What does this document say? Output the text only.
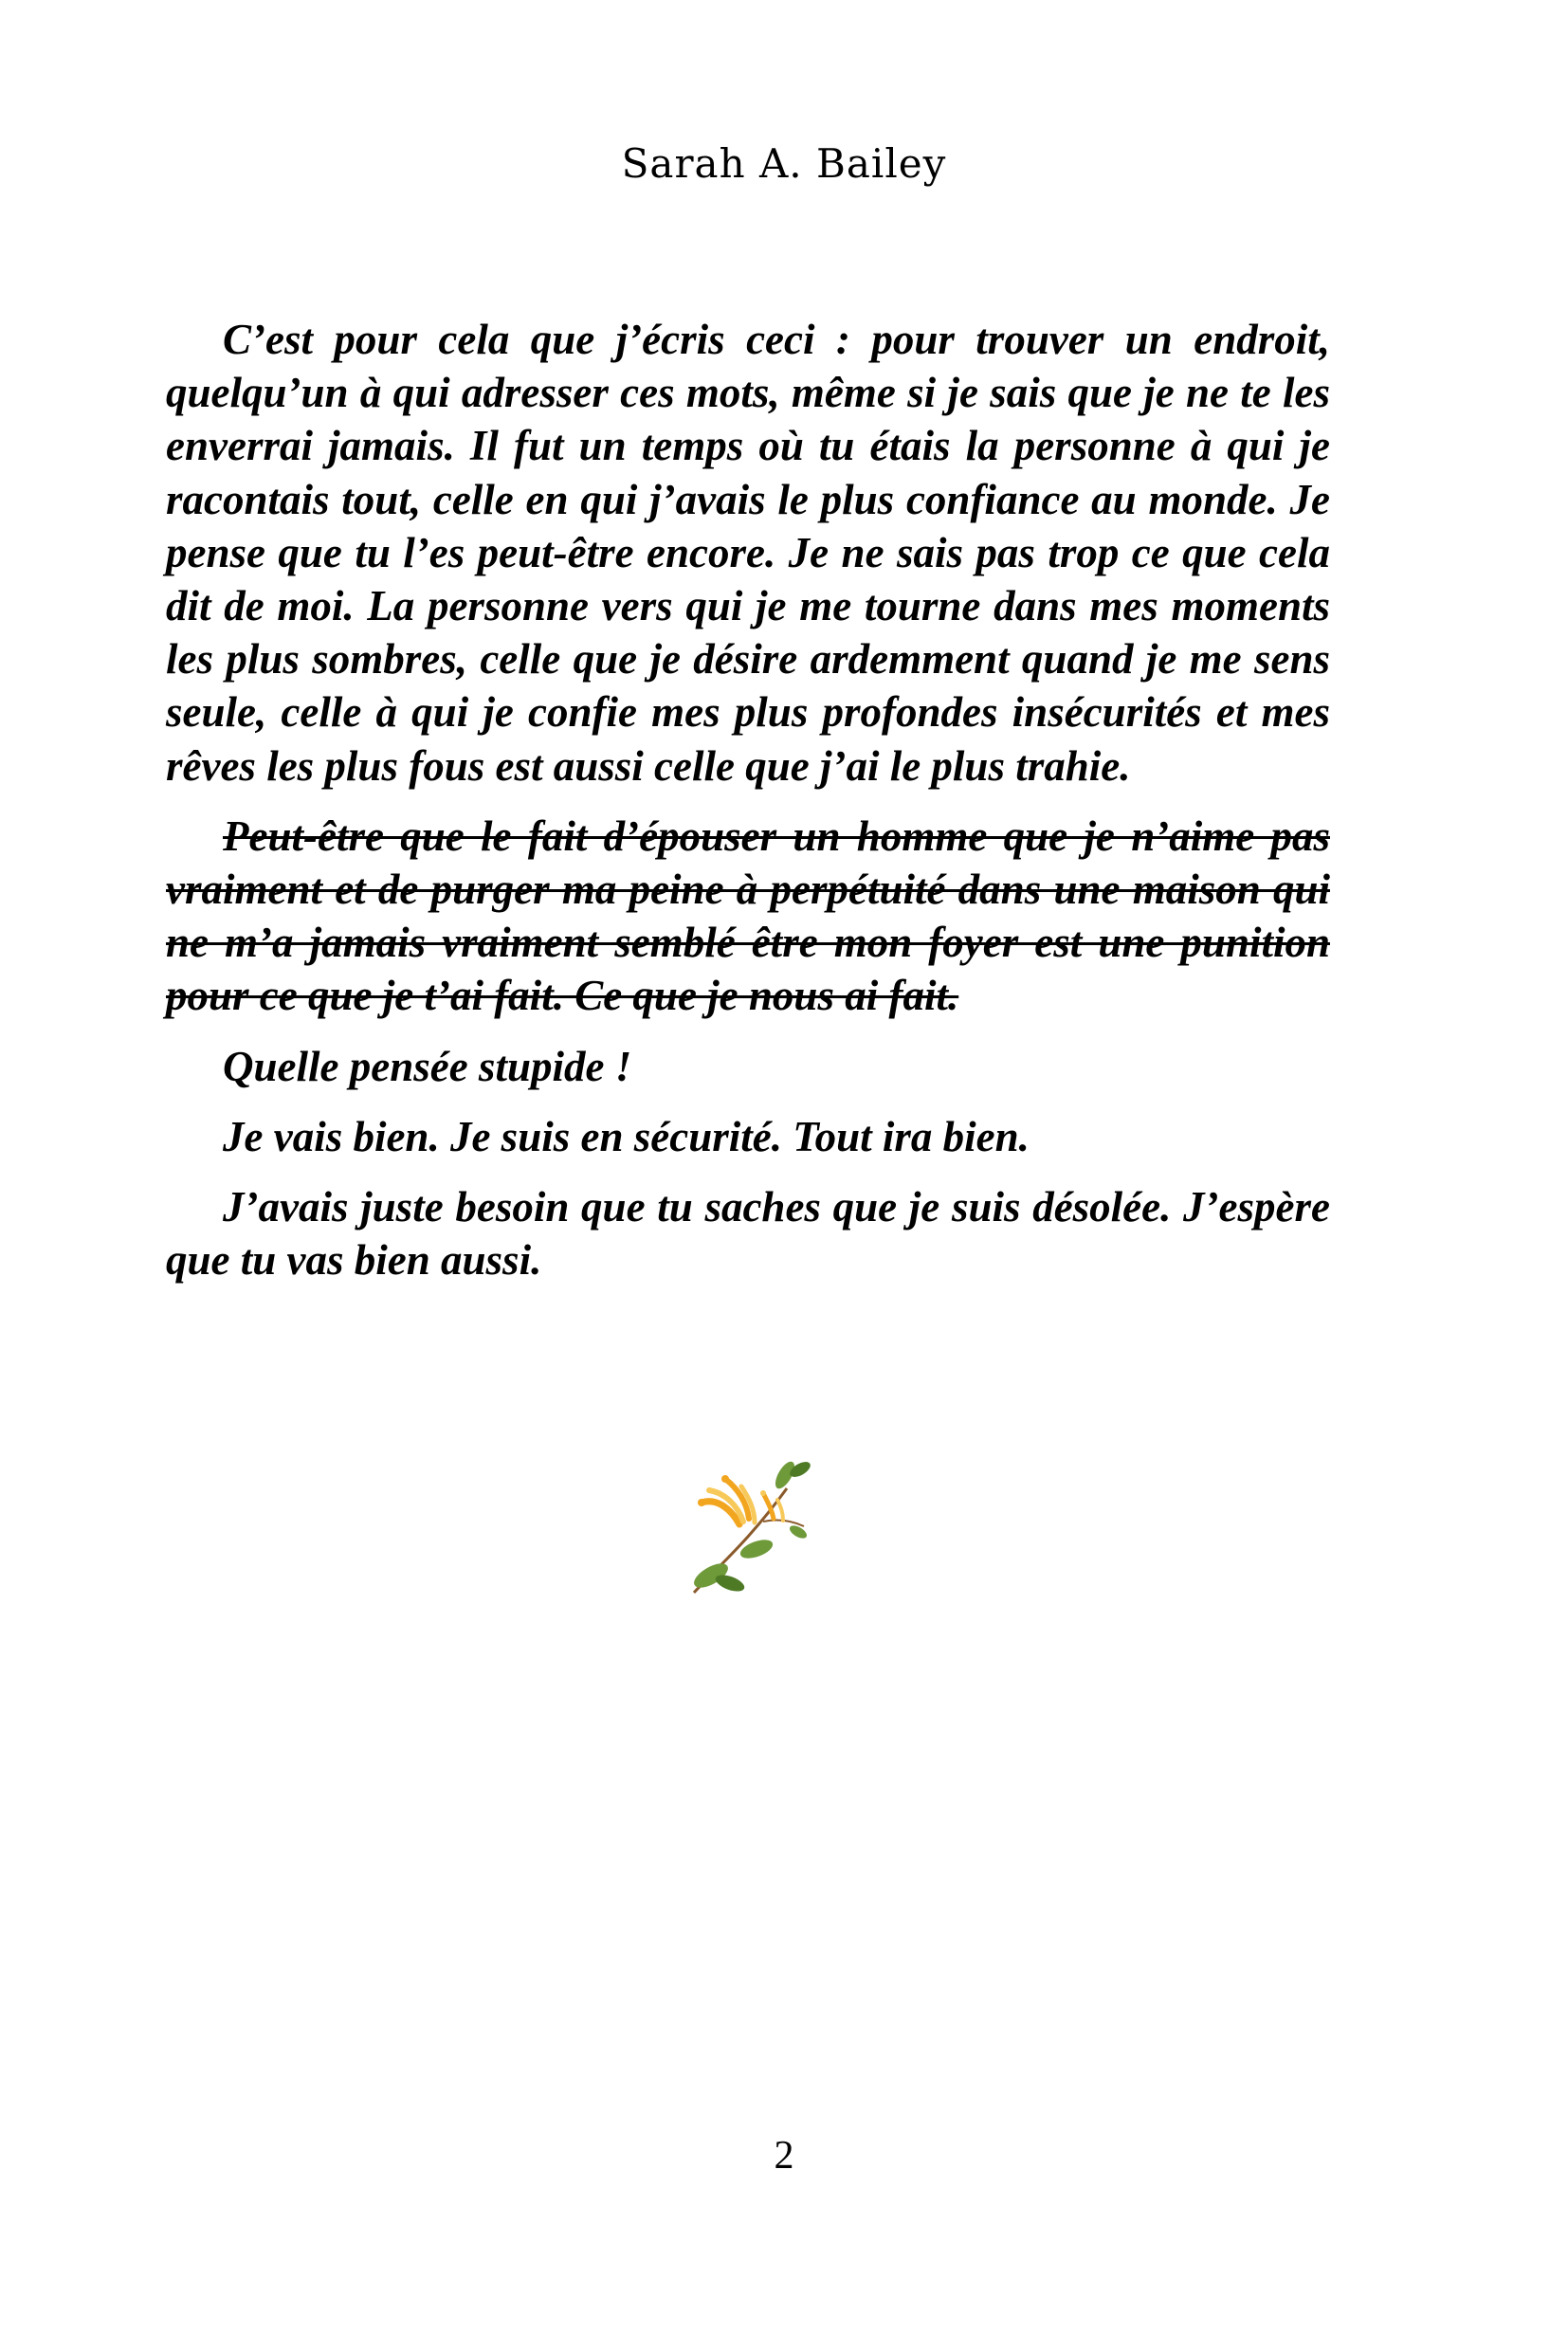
Sarah A. Bailey

C’est pour cela que j’écris ceci : pour trouver un endroit, quelqu’un à qui adresser ces mots, même si je sais que je ne te les enverrai jamais. Il fut un temps où tu étais la personne à qui je racontais tout, celle en qui j’avais le plus confiance au monde. Je pense que tu l’es peut-être encore. Je ne sais pas trop ce que cela dit de moi. La personne vers qui je me tourne dans mes moments les plus sombres, celle que je désire ardemment quand je me sens seule, celle à qui je confie mes plus profondes insécurités et mes rêves les plus fous est aussi celle que j’ai le plus trahie.

Peut-être que le fait d’épouser un homme que je n’aime pas vraiment et de purger ma peine à perpétuité dans une maison qui ne m’a jamais vraiment semblé être mon foyer est une punition pour ce que je t’ai fait. Ce que je nous ai fait.

Quelle pensée stupide !

Je vais bien. Je suis en sécurité. Tout ira bien.

J’avais juste besoin que tu saches que je suis désolée. J’espère que tu vas bien aussi.

2
